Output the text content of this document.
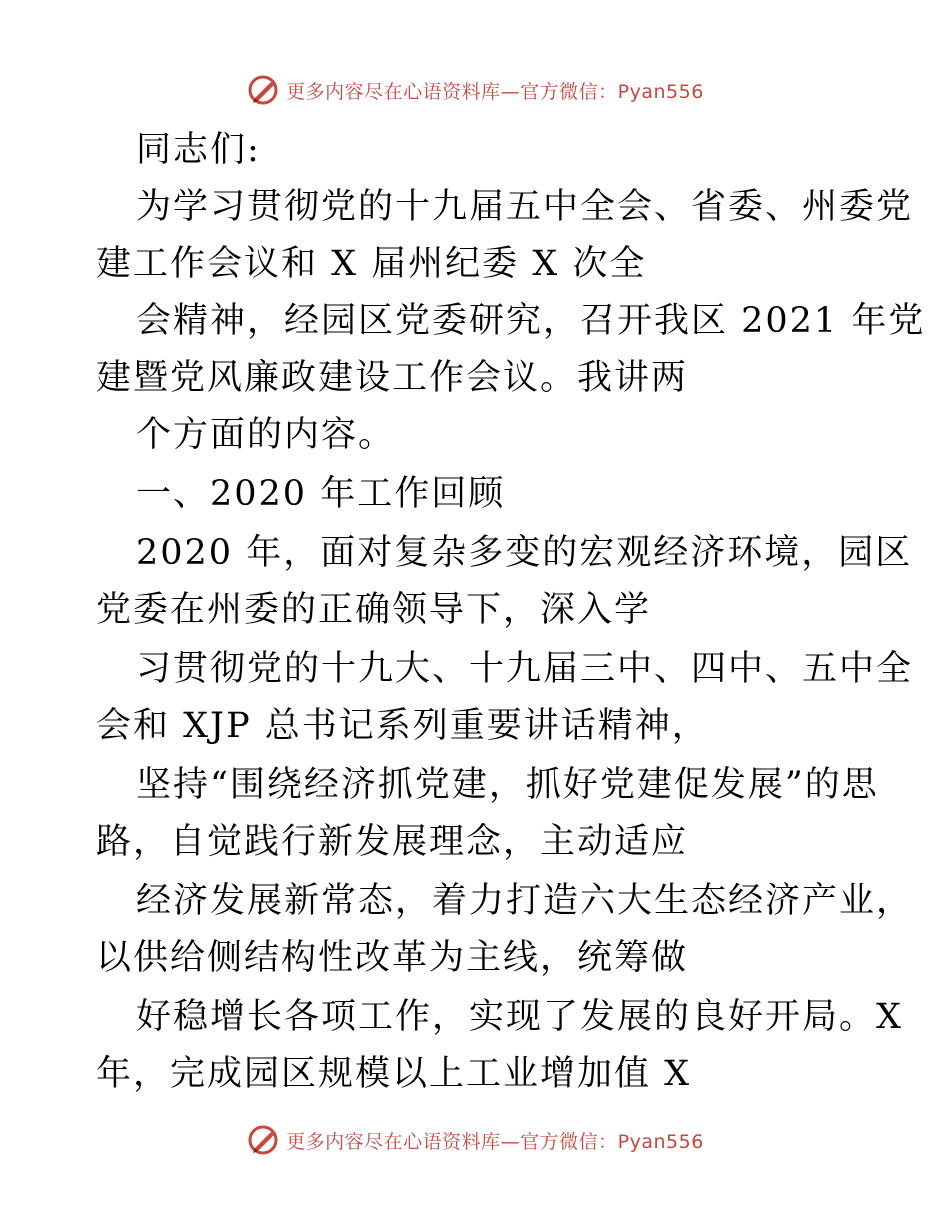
更多内容尽在心语资料库—官方微信：Pyan556
同志们:
为学习贯彻党的十九届五中全会、省委、州委党
建工作会议和 X 届州纪委 X 次全
会精神，经园区党委研究，召开我区 2021 年党
建暨党风廉政建设工作会议。我讲两
个方面的内容。
一、2020 年工作回顾
2020 年，面对复杂多变的宏观经济环境，园区
党委在州委的正确领导下，深入学
习贯彻党的十九大、十九届三中、四中、五中全
会和 XJP 总书记系列重要讲话精神，
坚持“围绕经济抓党建，抓好党建促发展”的思
路，自觉践行新发展理念，主动适应
经济发展新常态，着力打造六大生态经济产业，
以供给侧结构性改革为主线，统筹做
好稳增长各项工作，实现了发展的良好开局。X
年，完成园区规模以上工业增加值 X
更多内容尽在心语资料库—官方微信：Pyan556
